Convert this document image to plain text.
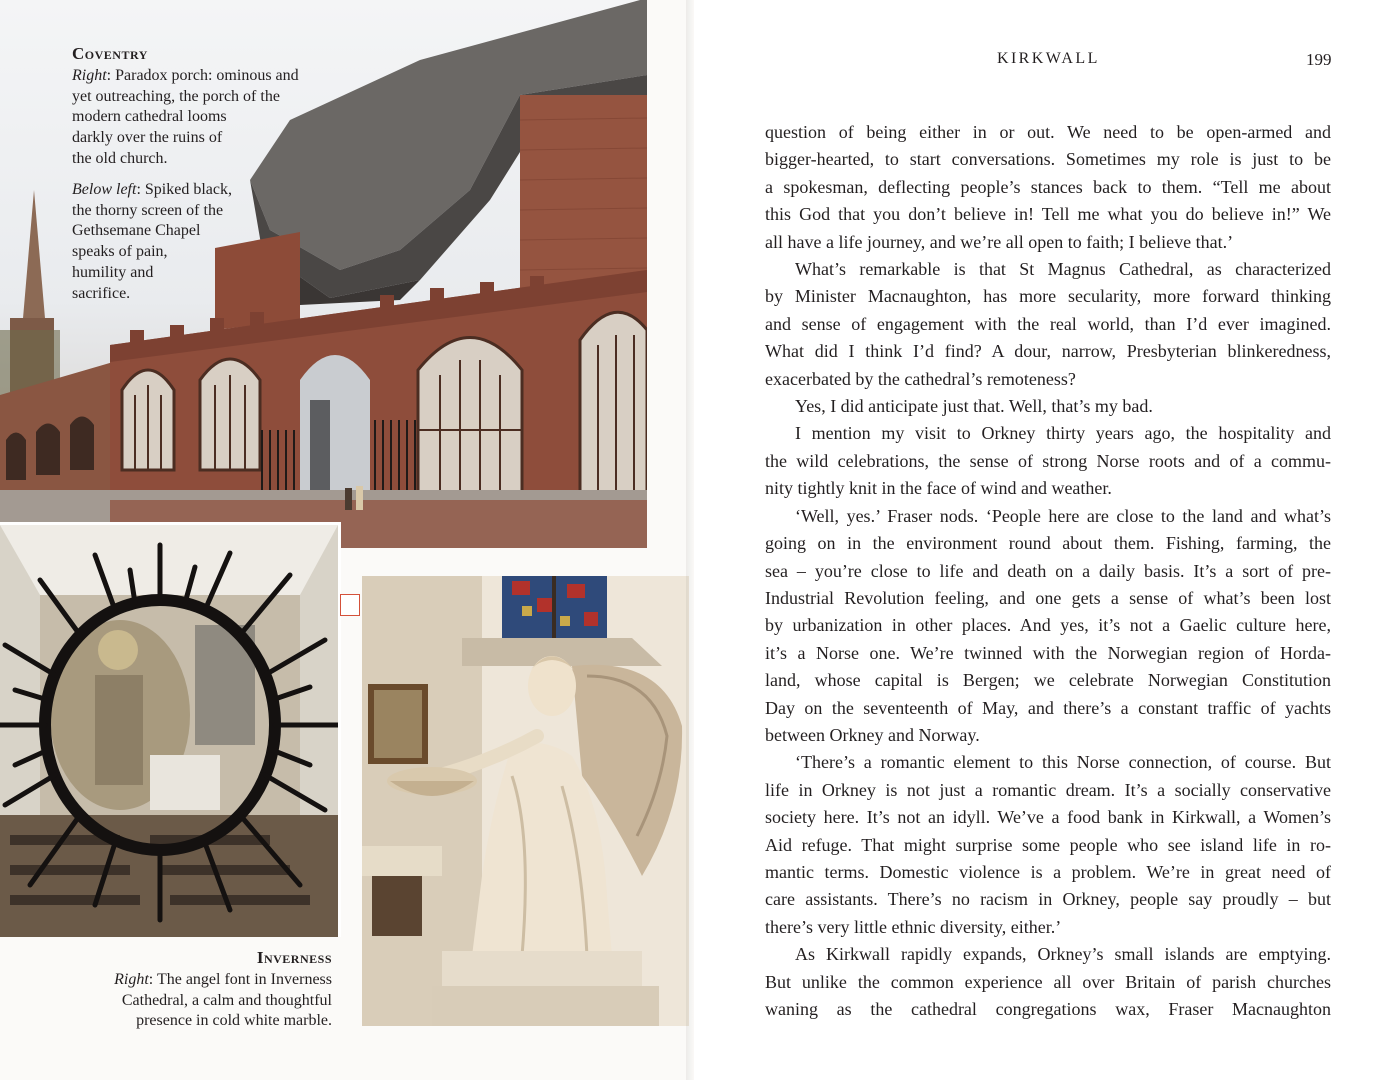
Coventry

Right: Paradox porch: ominous and
yet outreaching, the porch of the
modern cathedral looms
darkly over the ruins of
the old church.
Below left: Spiked black,
the thorny screen of the
Gethsemane Chapel
speaks of pain,
humility and
sacrifice.

Inverness

Right: The angel font in Inverness
Cathedral, a calm and thoughtful
presence in cold white marble.
KIRKWALL	199
question of being either in or out. We need to be open-armed and
bigger-hearted, to start conversations. Sometimes my role is just to be
a spokesman, deflecting people’s stances back to them. “Tell me about
this God that you don’t believe in! Tell me what you do believe in!” We
all have a life journey, and we’re all open to faith; I believe that.’
What’s remarkable is that St Magnus Cathedral, as characterized
by Minister Macnaughton, has more secularity, more forward thinking
and sense of engagement with the real world, than I’d ever imagined.
What did I think I’d find? A dour, narrow, Presbyterian blinkeredness,
exacerbated by the cathedral’s remoteness?
Yes, I did anticipate just that. Well, that’s my bad.
I mention my visit to Orkney thirty years ago, the hospitality and
the wild celebrations, the sense of strong Norse roots and of a commu-
nity tightly knit in the face of wind and weather.
‘Well, yes.’ Fraser nods. ‘People here are close to the land and what’s
going on in the environment round about them. Fishing, farming, the
sea – you’re close to life and death on a daily basis. It’s a sort of pre-
Industrial Revolution feeling, and one gets a sense of what’s been lost
by urbanization in other places. And yes, it’s not a Gaelic culture here,
it’s a Norse one. We’re twinned with the Norwegian region of Horda-
land, whose capital is Bergen; we celebrate Norwegian Constitution
Day on the seventeenth of May, and there’s a constant traffic of yachts
between Orkney and Norway.
‘There’s a romantic element to this Norse connection, of course. But
life in Orkney is not just a romantic dream. It’s a socially conservative
society here. It’s not an idyll. We’ve a food bank in Kirkwall, a Women’s
Aid refuge. That might surprise some people who see island life in ro-
mantic terms. Domestic violence is a problem. We’re in great need of
care assistants. There’s no racism in Orkney, people say proudly – but
there’s very little ethnic diversity, either.’
As Kirkwall rapidly expands, Orkney’s small islands are emptying.
But unlike the common experience all over Britain of parish churches
waning as the cathedral congregations wax, Fraser Macnaughton
